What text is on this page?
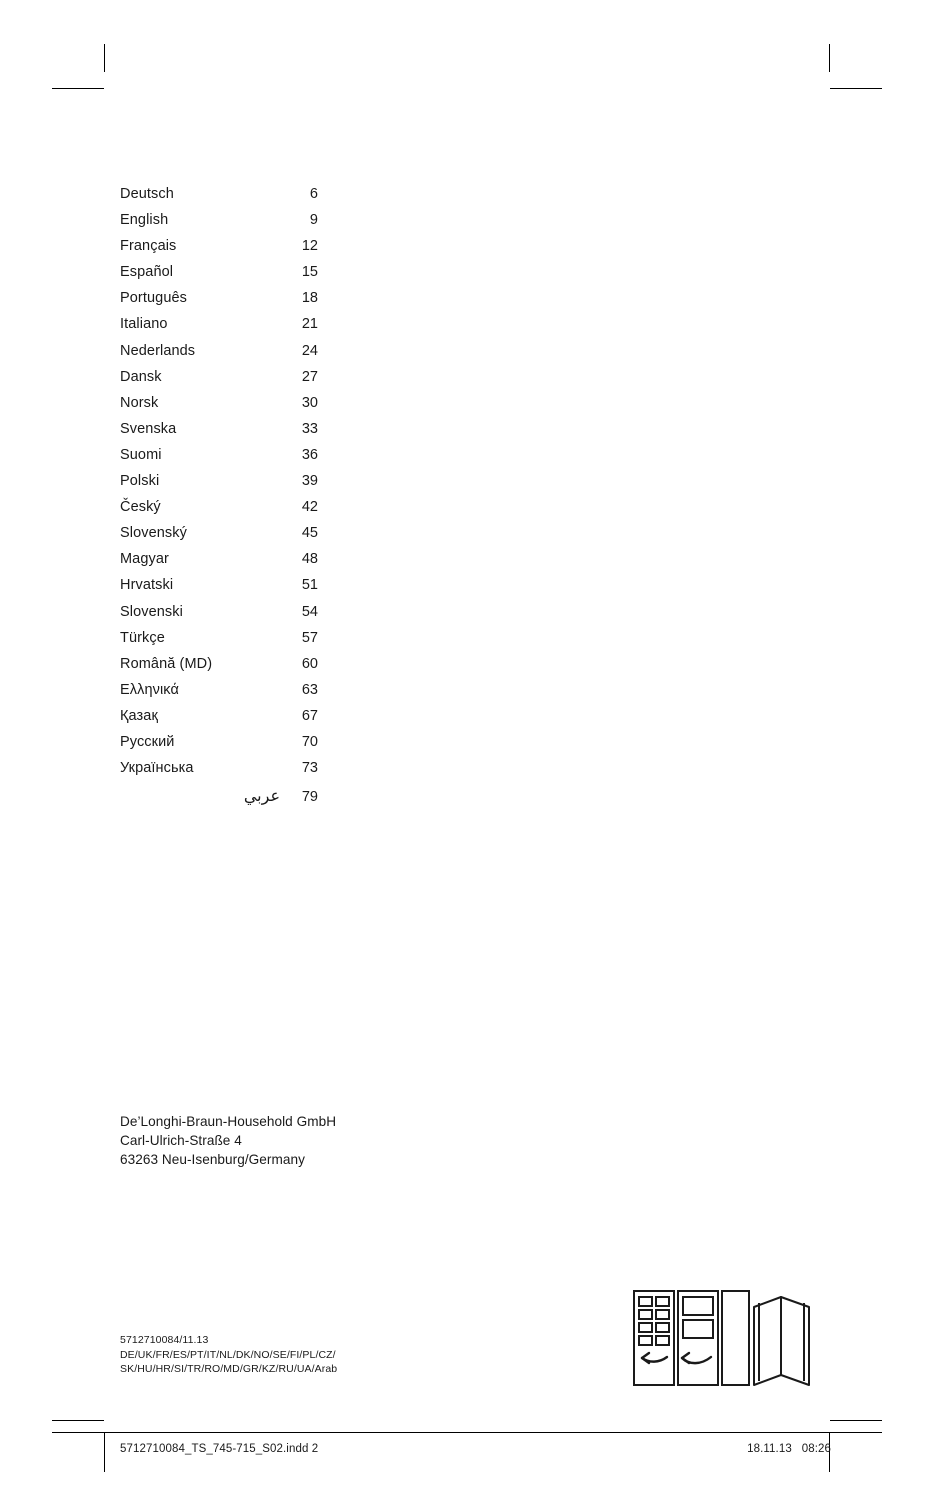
Deutsch	6
English	9
Français	12
Español	15
Português	18
Italiano	21
Nederlands	24
Dansk	27
Norsk	30
Svenska	33
Suomi	36
Polski	39
Český	42
Slovenský	45
Magyar	48
Hrvatski	51
Slovenski	54
Türkçe	57
Română (MD)	60
Ελληνικά	63
Қазақ	67
Русский	70
Українська	73
عربي	79
De’Longhi-Braun-Household GmbH
Carl-Ulrich-Straße 4
63263 Neu-Isenburg/Germany
5712710084/11.13
DE/UK/FR/ES/PT/IT/NL/DK/NO/SE/FI/PL/CZ/
SK/HU/HR/SI/TR/RO/MD/GR/KZ/RU/UA/Arab
5712710084_TS_745-715_S02.indd 2	18.11.13 08:26
